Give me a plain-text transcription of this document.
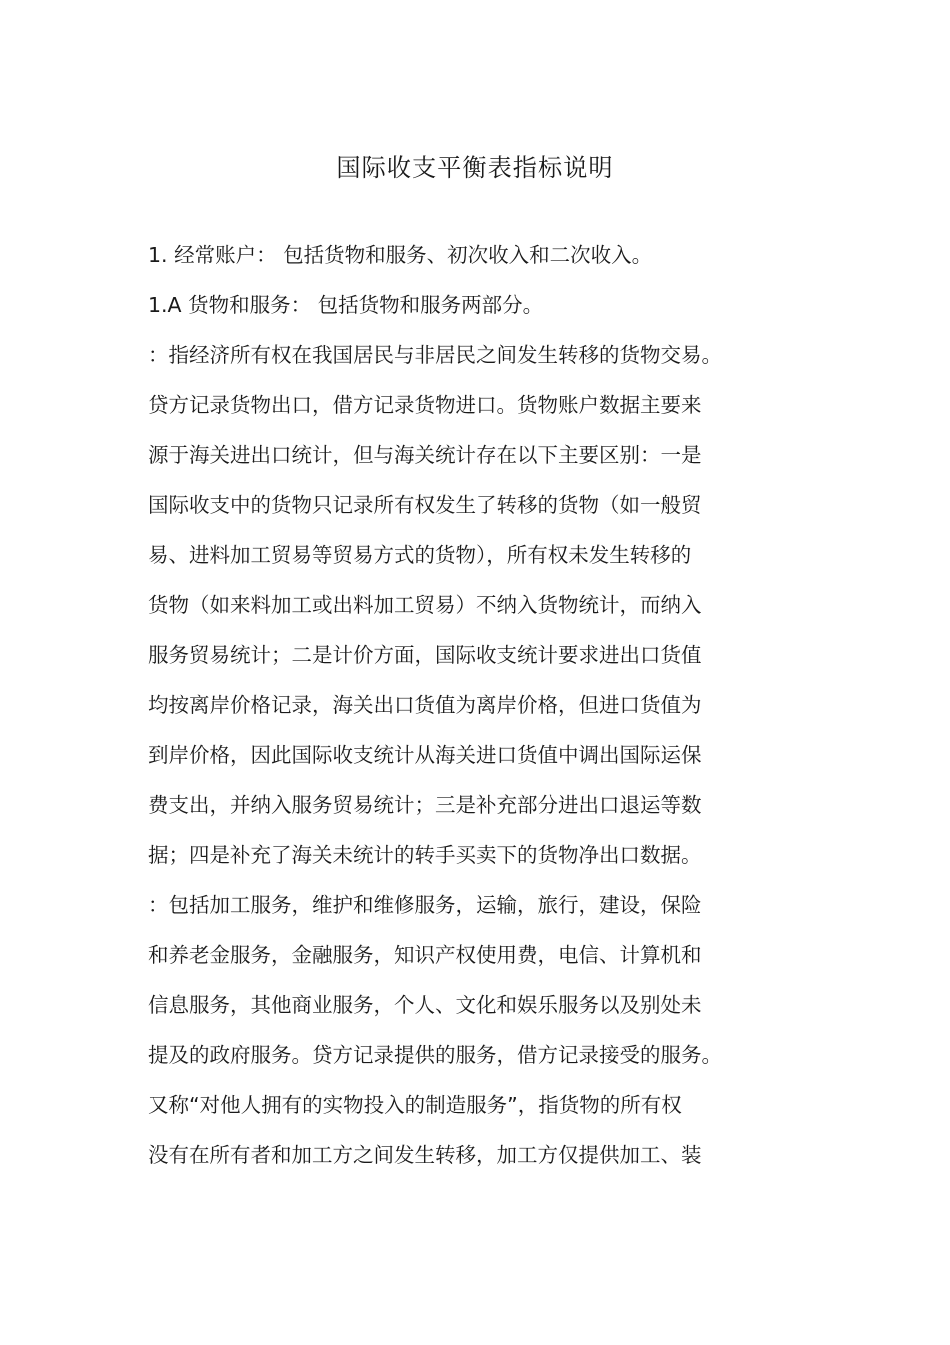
国际收支平衡表指标说明
1. 经常账户： 包括货物和服务、初次收入和二次收入。
1.A 货物和服务： 包括货物和服务两部分。
：指经济所有权在我国居民与非居民之间发生转移的货物交易。
贷方记录货物出口，借方记录货物进口。货物账户数据主要来
源于海关进出口统计，但与海关统计存在以下主要区别：一是
国际收支中的货物只记录所有权发生了转移的货物（如一般贸
易、进料加工贸易等贸易方式的货物），所有权未发生转移的
货物（如来料加工或出料加工贸易）不纳入货物统计，而纳入
服务贸易统计；二是计价方面，国际收支统计要求进出口货值
均按离岸价格记录，海关出口货值为离岸价格，但进口货值为
到岸价格，因此国际收支统计从海关进口货值中调出国际运保
费支出，并纳入服务贸易统计；三是补充部分进出口退运等数
据；四是补充了海关未统计的转手买卖下的货物净出口数据。
：包括加工服务，维护和维修服务，运输，旅行，建设，保险
和养老金服务，金融服务，知识产权使用费，电信、计算机和
信息服务，其他商业服务，个人、文化和娱乐服务以及别处未
提及的政府服务。贷方记录提供的服务，借方记录接受的服务。
又称“对他人拥有的实物投入的制造服务”，指货物的所有权
没有在所有者和加工方之间发生转移，加工方仅提供加工、装
